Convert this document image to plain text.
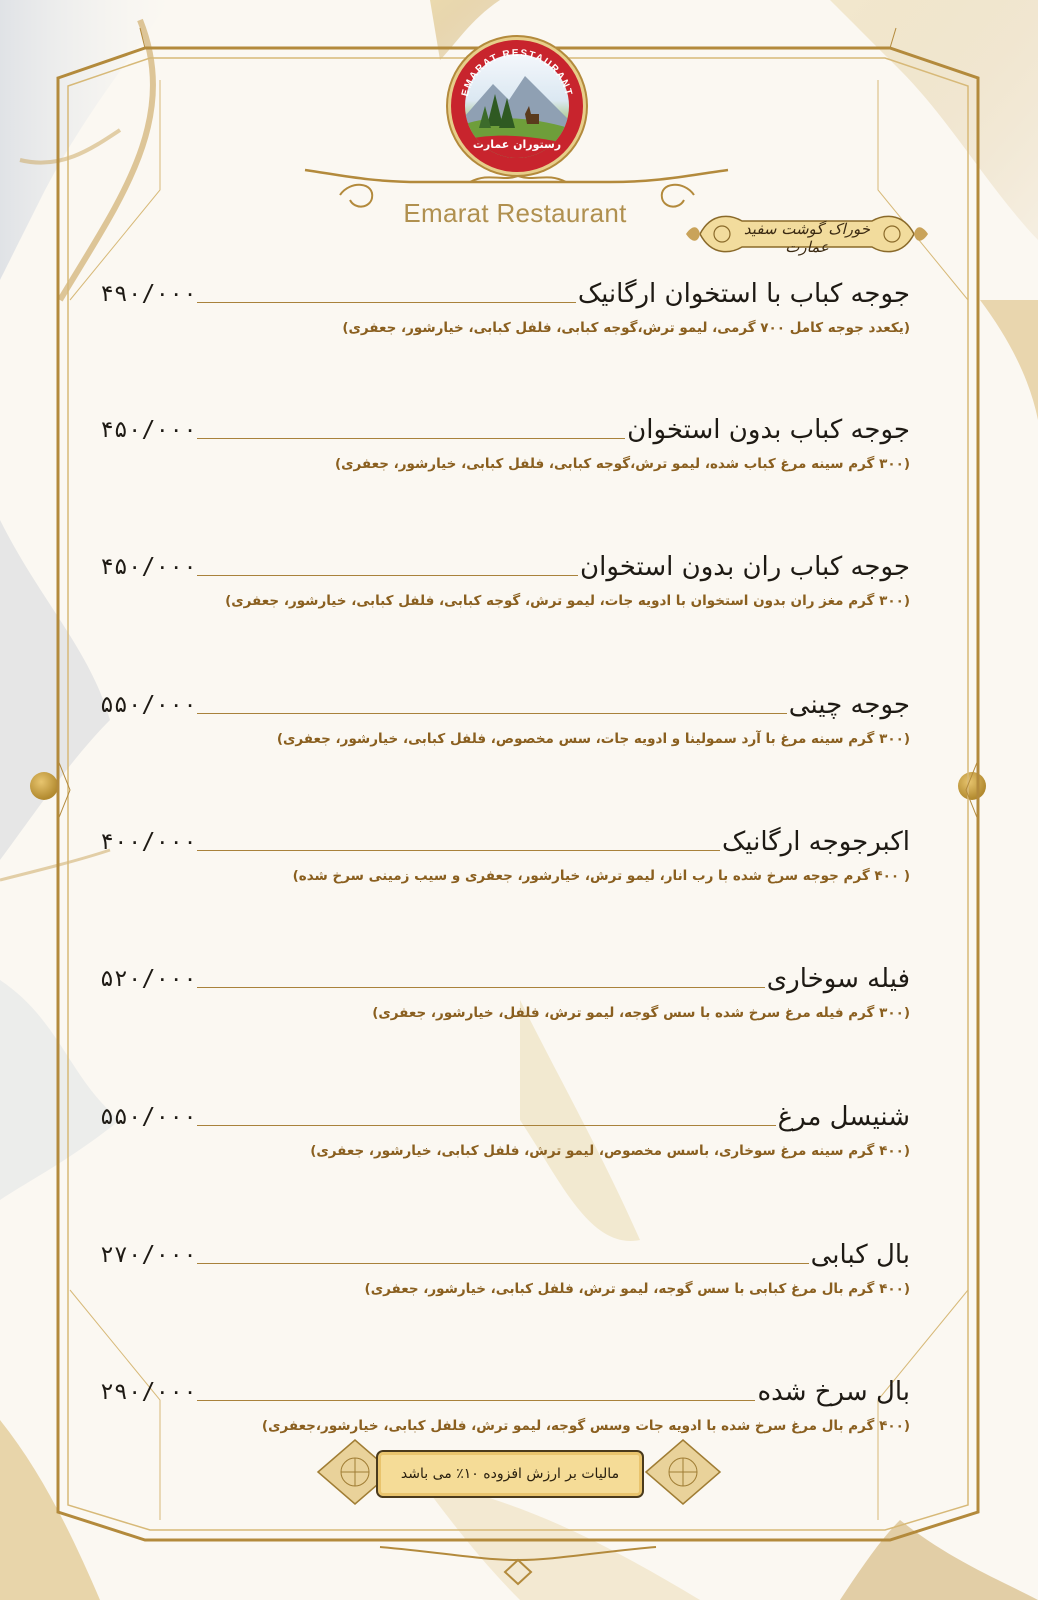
EMARAT RESTAURANT
رستوران عمارت
Emarat Restaurant
خوراک گوشت سفید عمارت
جوجه کباب با استخوان ارگانیک
۴۹۰/۰۰۰
(یکعدد جوجه کامل ۷۰۰ گرمی، لیمو ترش،گوجه کبابی، فلفل کبابی، خیارشور، جعفری)
جوجه کباب بدون استخوان
۴۵۰/۰۰۰
(۳۰۰ گرم سینه مرغ کباب شده، لیمو ترش،گوجه کبابی، فلفل کبابی، خیارشور، جعفری)
جوجه کباب ران بدون استخوان
۴۵۰/۰۰۰
(۳۰۰ گرم مغز ران بدون استخوان با ادویه جات، لیمو ترش، گوجه کبابی، فلفل کبابی، خیارشور، جعفری)
جوجه چینی
۵۵۰/۰۰۰
(۳۰۰ گرم سینه مرغ با آرد سمولینا و ادویه جات، سس مخصوص، فلفل کبابی، خیارشور، جعفری)
اکبرجوجه ارگانیک
۴۰۰/۰۰۰
( ۴۰۰ گرم جوجه سرخ شده با رب انار، لیمو ترش، خیارشور، جعفری و سیب زمینی سرخ شده)
فیله سوخاری
۵۲۰/۰۰۰
(۳۰۰ گرم فیله مرغ سرخ شده با سس گوجه، لیمو ترش، فلفل، خیارشور، جعفری)
شنیسل مرغ
۵۵۰/۰۰۰
(۴۰۰ گرم سینه مرغ سوخاری، باسس مخصوص، لیمو ترش، فلفل کبابی، خیارشور، جعفری)
بال کبابی
۲۷۰/۰۰۰
(۴۰۰ گرم بال مرغ کبابی با سس گوجه، لیمو ترش، فلفل کبابی، خیارشور، جعفری)
بال سرخ شده
۲۹۰/۰۰۰
(۴۰۰ گرم بال مرغ سرخ شده با ادویه جات وسس گوجه، لیمو ترش، فلفل کبابی، خیارشور،جعفری)
مالیات بر ارزش افزوده ۱۰٪ می باشد
